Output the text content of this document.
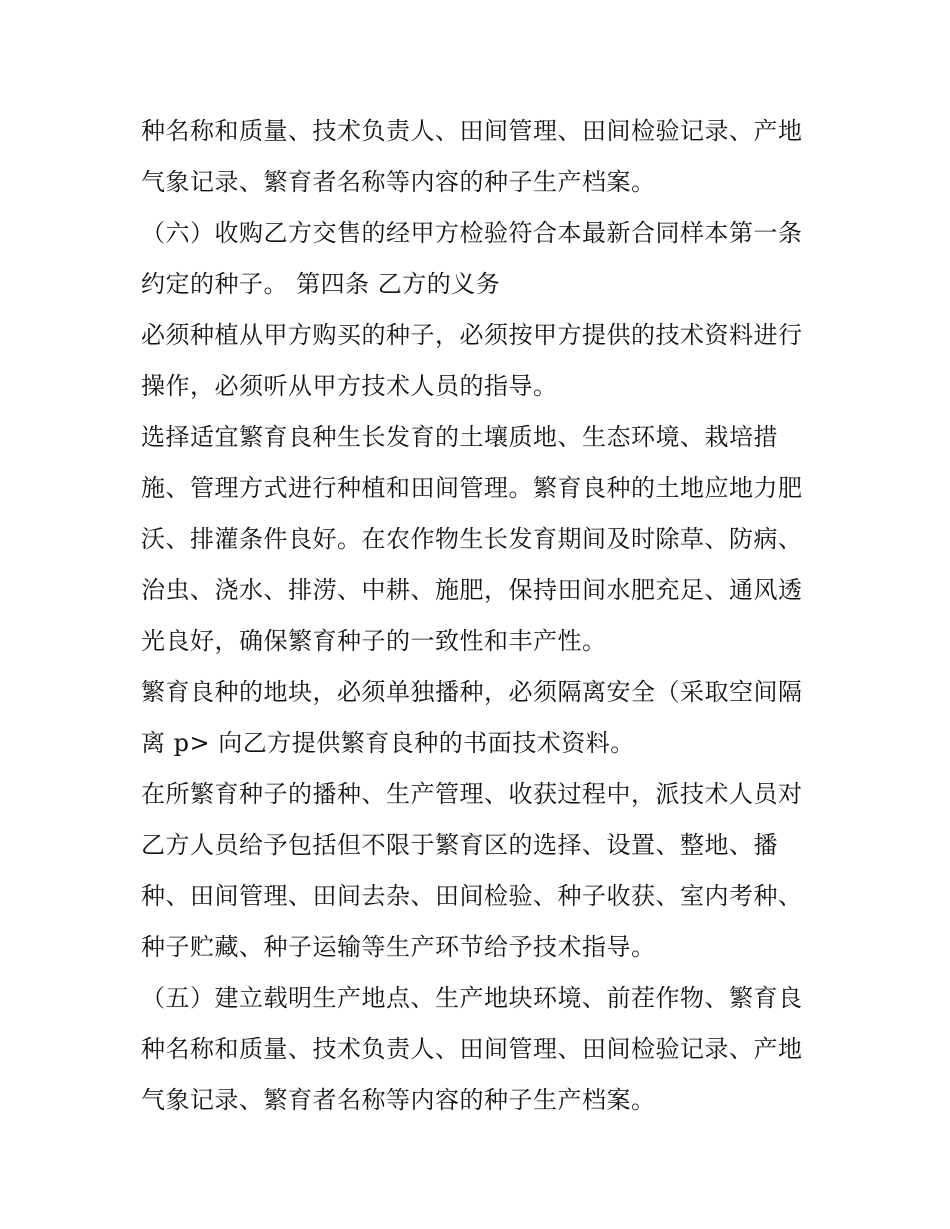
种名称和质量、技术负责人、田间管理、田间检验记录、产地
气象记录、繁育者名称等内容的种子生产档案。
（六）收购乙方交售的经甲方检验符合本最新合同样本第一条
约定的种子。 第四条 乙方的义务
必须种植从甲方购买的种子，必须按甲方提供的技术资料进行
操作，必须听从甲方技术人员的指导。
选择适宜繁育良种生长发育的土壤质地、生态环境、栽培措
施、管理方式进行种植和田间管理。繁育良种的土地应地力肥
沃、排灌条件良好。在农作物生长发育期间及时除草、防病、
治虫、浇水、排涝、中耕、施肥，保持田间水肥充足、通风透
光良好，确保繁育种子的一致性和丰产性。
繁育良种的地块，必须单独播种，必须隔离安全（采取空间隔
离 p> 向乙方提供繁育良种的书面技术资料。
在所繁育种子的播种、生产管理、收获过程中，派技术人员对
乙方人员给予包括但不限于繁育区的选择、设置、整地、播
种、田间管理、田间去杂、田间检验、种子收获、室内考种、
种子贮藏、种子运输等生产环节给予技术指导。
（五）建立载明生产地点、生产地块环境、前茬作物、繁育良
种名称和质量、技术负责人、田间管理、田间检验记录、产地
气象记录、繁育者名称等内容的种子生产档案。
